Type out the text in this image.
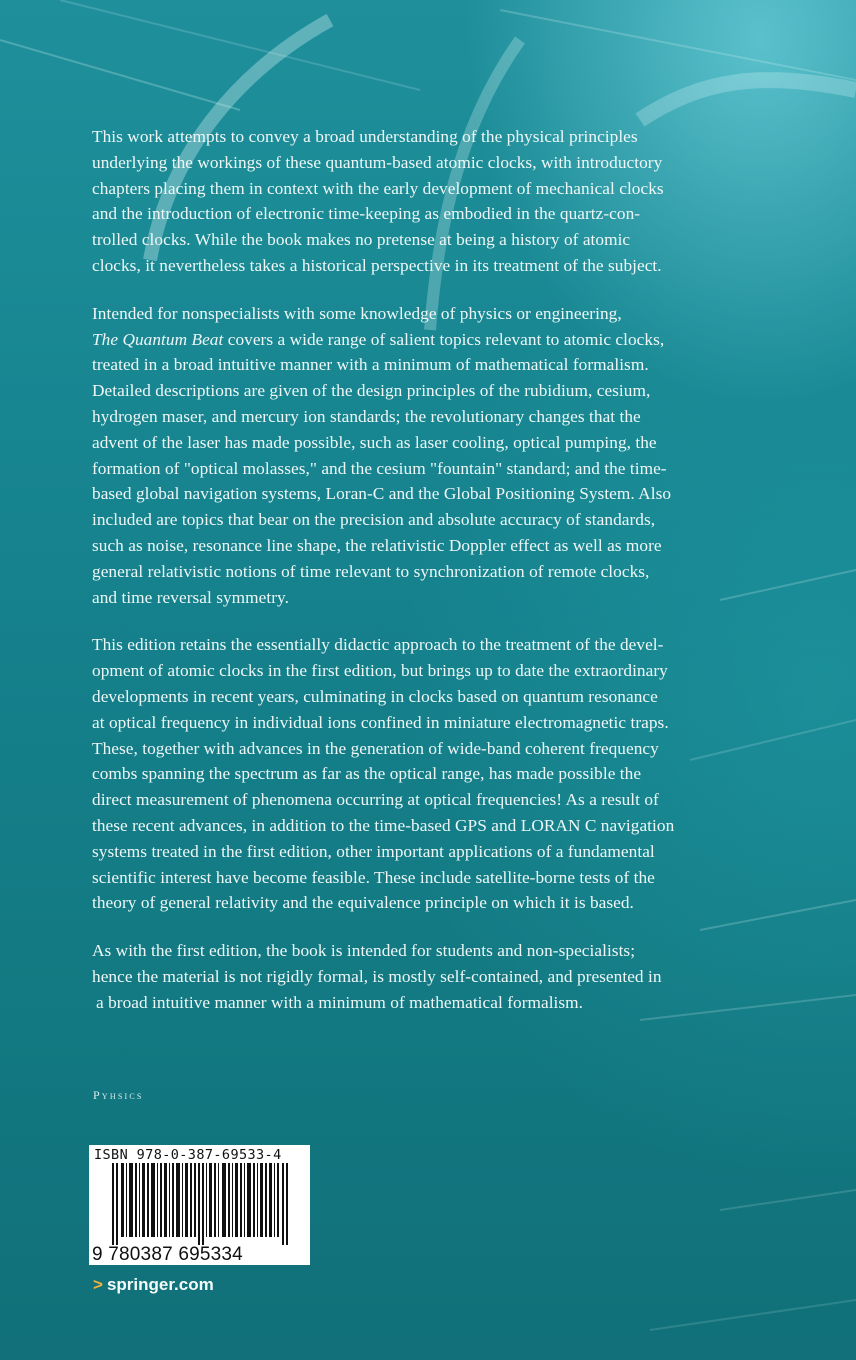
This work attempts to convey a broad understanding of the physical principles
underlying the workings of these quantum-based atomic clocks, with introductory
chapters placing them in context with the early development of mechanical clocks
and the introduction of electronic time-keeping as embodied in the quartz-con-
trolled clocks. While the book makes no pretense at being a history of atomic
clocks, it nevertheless takes a historical perspective in its treatment of the subject.

Intended for nonspecialists with some knowledge of physics or engineering,
The Quantum Beat covers a wide range of salient topics relevant to atomic clocks,
treated in a broad intuitive manner with a minimum of mathematical formalism.
Detailed descriptions are given of the design principles of the rubidium, cesium,
hydrogen maser, and mercury ion standards; the revolutionary changes that the
advent of the laser has made possible, such as laser cooling, optical pumping, the
formation of "optical molasses," and the cesium "fountain" standard; and the time-
based global navigation systems, Loran-C and the Global Positioning System. Also
included are topics that bear on the precision and absolute accuracy of standards,
such as noise, resonance line shape, the relativistic Doppler effect as well as more
general relativistic notions of time relevant to synchronization of remote clocks,
and time reversal symmetry.

This edition retains the essentially didactic approach to the treatment of the devel-
opment of atomic clocks in the first edition, but brings up to date the extraordinary
developments in recent years, culminating in clocks based on quantum resonance
at optical frequency in individual ions confined in miniature electromagnetic traps.
These, together with advances in the generation of wide-band coherent frequency
combs spanning the spectrum as far as the optical range, has made possible the
direct measurement of phenomena occurring at optical frequencies! As a result of
these recent advances, in addition to the time-based GPS and LORAN C navigation
systems treated in the first edition, other important applications of a fundamental
scientific interest have become feasible. These include satellite-borne tests of the
theory of general relativity and the equivalence principle on which it is based.

As with the first edition, the book is intended for students and non-specialists;
hence the material is not rigidly formal, is mostly self-contained, and presented in
a broad intuitive manner with a minimum of mathematical formalism.

Pyhsics
ISBN 978-0-387-69533-4
9 780387 695334
> springer.com
